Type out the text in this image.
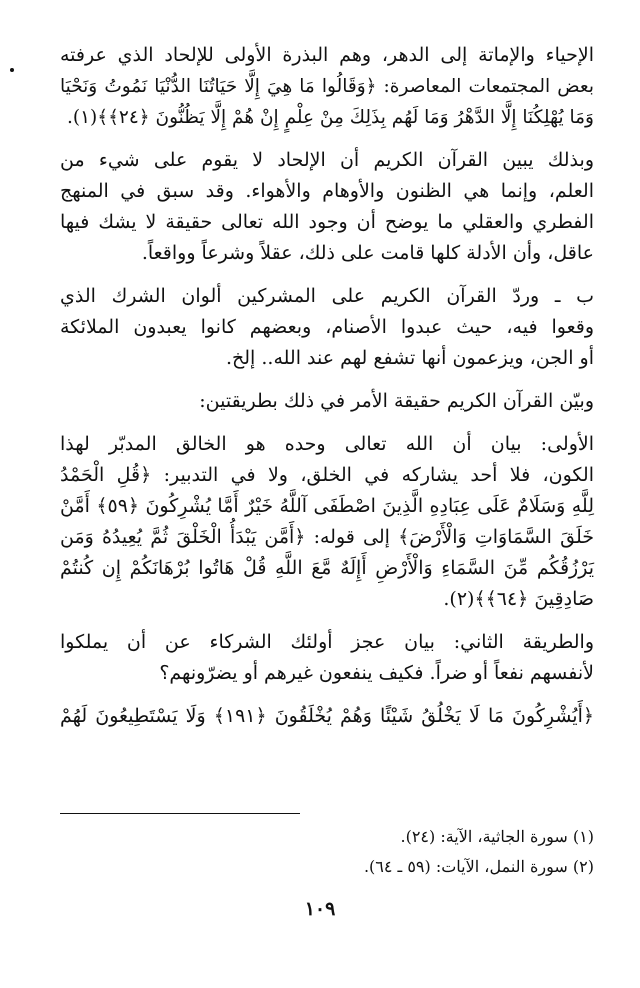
الإحياء والإماتة إلى الدهر، وهم البذرة الأولى للإلحاد الذي عرفته

بعض المجتمعات المعاصرة: ﴿وَقَالُوا مَا هِيَ إِلَّا حَيَاتُنَا الدُّنْيَا نَمُوتُ وَنَحْيَا

وَمَا يُهْلِكُنَا إِلَّا الدَّهْرُ وَمَا لَهُم بِذَلِكَ مِنْ عِلْمٍ إِنْ هُمْ إِلَّا يَظُنُّونَ ﴿٢٤﴾﴾(١).

وبذلك يبين القرآن الكريم أن الإلحاد لا يقوم على شيء من

العلم، وإنما هي الظنون والأوهام والأهواء. وقد سبق في المنهج

الفطري والعقلي ما يوضح أن وجود الله تعالى حقيقة لا يشك فيها

عاقل، وأن الأدلة كلها قامت على ذلك، عقلاً وشرعاً وواقعاً.

ب ـ وردّ القرآن الكريم على المشركين ألوان الشرك الذي

وقعوا فيه، حيث عبدوا الأصنام، وبعضهم كانوا يعبدون الملائكة

أو الجن، ويزعمون أنها تشفع لهم عند الله.. إلخ.

وبيّن القرآن الكريم حقيقة الأمر في ذلك بطريقتين:

الأولى: بيان أن الله تعالى وحده هو الخالق المدبّر لهذا

الكون، فلا أحد يشاركه في الخلق، ولا في التدبير: ﴿قُلِ الْحَمْدُ

لِلَّهِ وَسَلَامٌ عَلَى عِبَادِهِ الَّذِينَ اصْطَفَى آللَّهُ خَيْرٌ أَمَّا يُشْرِكُونَ ﴿٥٩﴾ أَمَّنْ

خَلَقَ السَّمَاوَاتِ وَالْأَرْضَ﴾ إلى قوله: ﴿أَمَّن يَبْدَأُ الْخَلْقَ ثُمَّ يُعِيدُهُ وَمَن

يَرْزُقُكُم مِّنَ السَّمَاءِ وَالْأَرْضِ أَإِلَهٌ مَّعَ اللَّهِ قُلْ هَاتُوا بُرْهَانَكُمْ إِن كُنتُمْ

صَادِقِينَ ﴿٦٤﴾﴾(٢).

والطريقة الثاني: بيان عجز أولئك الشركاء عن أن يملكوا

لأنفسهم نفعاً أو ضراً. فكيف ينفعون غيرهم أو يضرّونهم؟

﴿أَيُشْرِكُونَ مَا لَا يَخْلُقُ شَيْئًا وَهُمْ يُخْلَقُونَ ﴿١٩١﴾ وَلَا يَسْتَطِيعُونَ لَهُمْ

(١) سورة الجاثية، الآية: (٢٤).

(٢) سورة النمل، الآيات: (٥٩ ـ ٦٤).

١٠٩
